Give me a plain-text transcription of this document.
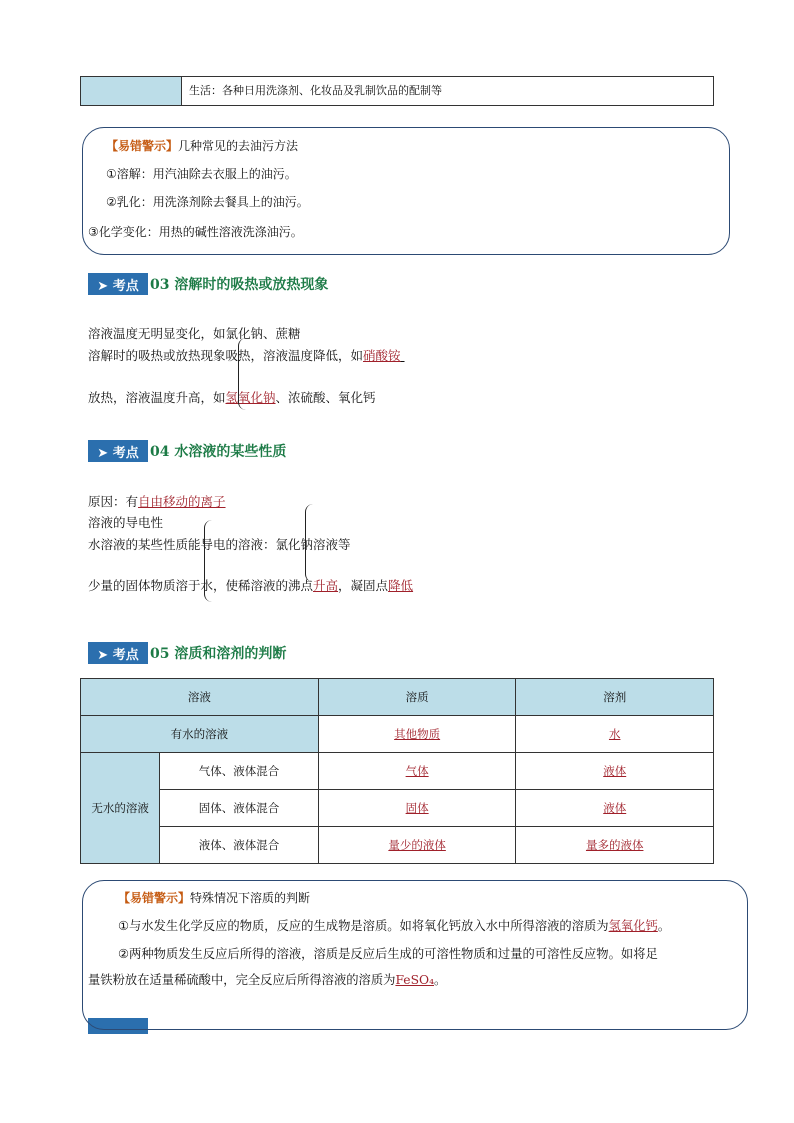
生活：各种日用洗涤剂、化妆品及乳制饮品的配制等
【易错警示】几种常见的去油污方法
①溶解：用汽油除去衣服上的油污。
②乳化：用洗涤剂除去餐具上的油污。
③化学变化：用热的碱性溶液洗涤油污。
➤ 考点 03 溶解时的吸热或放热现象
溶液温度无明显变化，如氯化钠、蔗糖
溶解时的吸热或放热现象吸热，溶液温度降低，如硝酸铵
放热，溶液温度升高，如氢氧化钠、浓硫酸、氧化钙
➤ 考点 04 水溶液的某些性质
原因：有自由移动的离子
溶液的导电性
水溶液的某些性质能导电的溶液：氯化钠溶液等
少量的固体物质溶于水，使稀溶液的沸点升高，凝固点降低
➤ 考点 05 溶质和溶剂的判断
溶液		溶质	溶剂
有水的溶液		其他物质	水

无水的溶液	气体、液体混合	气体	液体
	固体、液体混合	固体	液体
	液体、液体混合	量少的液体	量多的液体
【易错警示】特殊情况下溶质的判断
①与水发生化学反应的物质，反应的生成物是溶质。如将氧化钙放入水中所得溶液的溶质为氢氧化钙。
②两种物质发生反应后所得的溶液，溶质是反应后生成的可溶性物质和过量的可溶性反应物。如将足
量铁粉放在适量稀硫酸中，完全反应后所得溶液的溶质为FeSO₄。
